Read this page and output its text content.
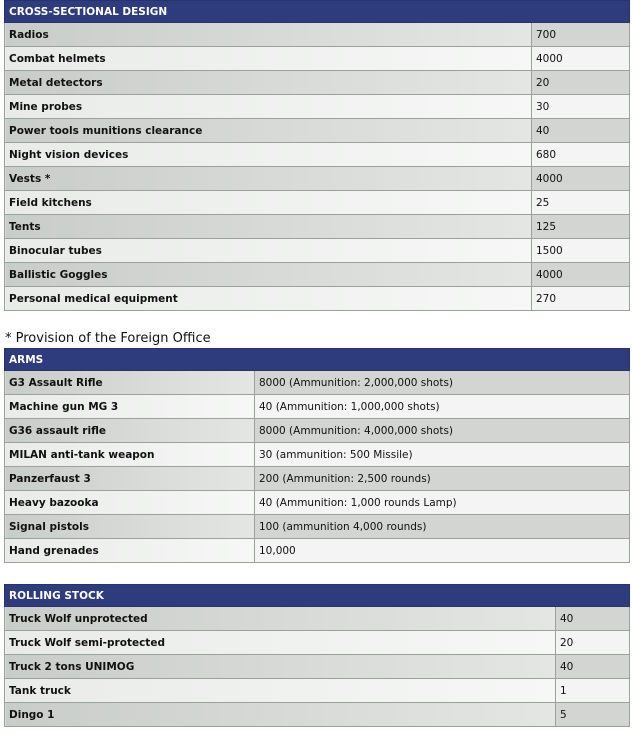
CROSS-SECTIONAL DESIGN	
Radios	700
Combat helmets	4000
Metal detectors	20
Mine probes	30
Power tools munitions clearance	40
Night vision devices	680
Vests *	4000
Field kitchens	25
Tents	125
Binocular tubes	1500
Ballistic Goggles	4000
Personal medical equipment	270
* Provision of the Foreign Office
ARMS	
G3 Assault Rifle	8000 (Ammunition: 2,000,000 shots)
Machine gun MG 3	40 (Ammunition: 1,000,000 shots)
G36 assault rifle	8000 (Ammunition: 4,000,000 shots)
MILAN anti-tank weapon	30 (ammunition: 500 Missile)
Panzerfaust 3	200 (Ammunition: 2,500 rounds)
Heavy bazooka	40 (Ammunition: 1,000 rounds Lamp)
Signal pistols	100 (ammunition 4,000 rounds)
Hand grenades	10,000
ROLLING STOCK	
Truck Wolf unprotected	40
Truck Wolf semi-protected	20
Truck 2 tons UNIMOG	40
Tank truck	1
Dingo 1	5
